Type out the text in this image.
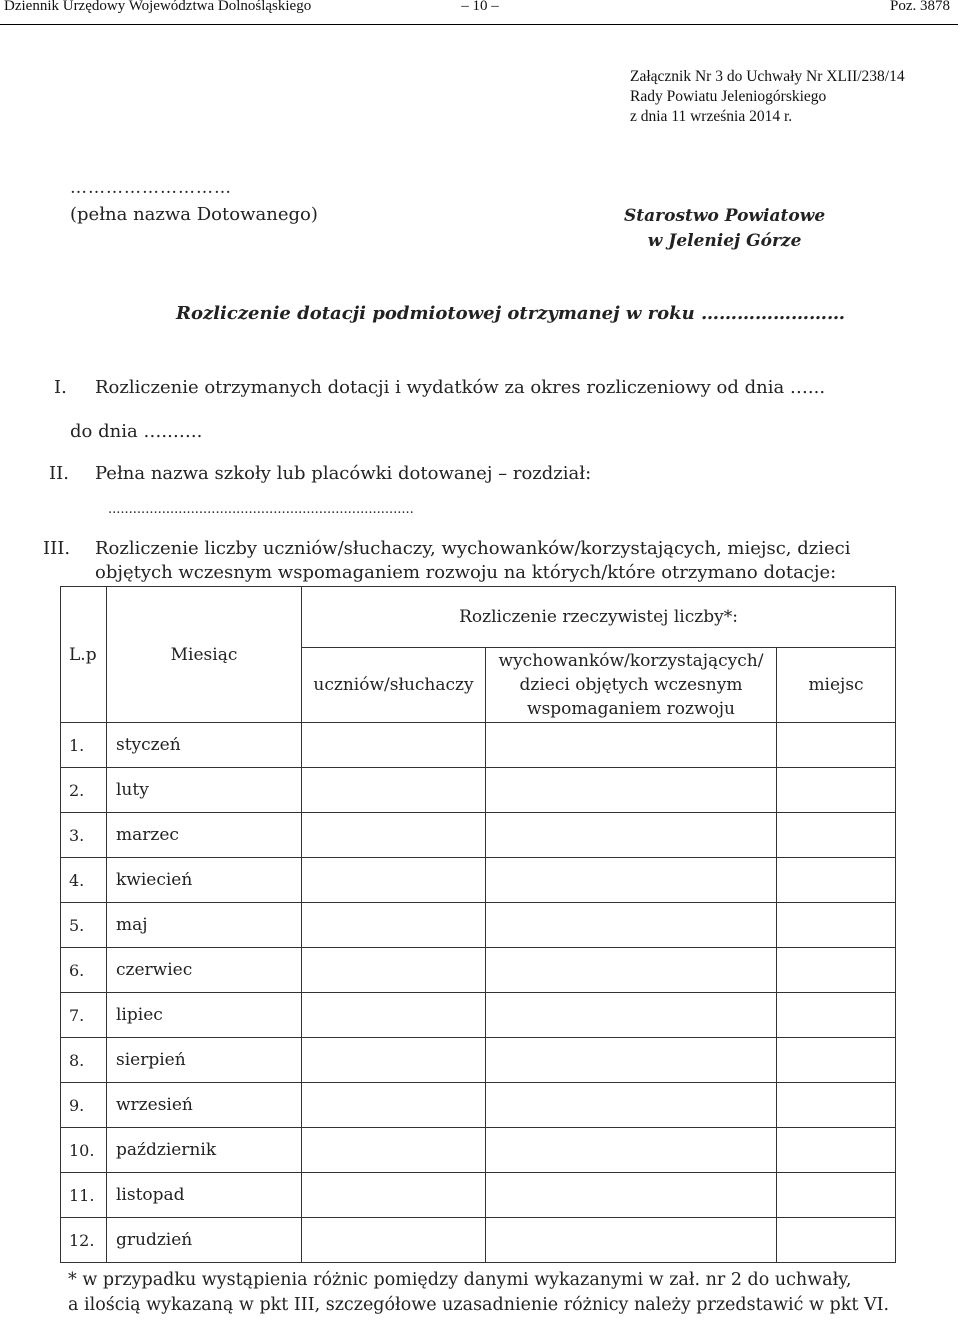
Dziennik Urzędowy Województwa Dolnośląskiego	– 10 –	Poz. 3878
Załącznik Nr 3 do Uchwały Nr XLII/238/14
Rady Powiatu Jeleniogórskiego
z dnia 11 września 2014 r.
………………………
(pełna nazwa Dotowanego)	Starostwo Powiatowe
w Jeleniej Górze
Rozliczenie dotacji podmiotowej otrzymanej w roku ……………………
I. Rozliczenie otrzymanych dotacji i wydatków za okres rozliczeniowy od dnia …...
do dnia …..…..
II. Pełna nazwa szkoły lub placówki dotowanej – rozdział:
..........................................................................
III. Rozliczenie liczby uczniów/słuchaczy, wychowanków/korzystających, miejsc, dzieci
objętych wczesnym wspomaganiem rozwoju na których/które otrzymano dotacje:
L.p	Miesiąc	Rozliczenie rzeczywistej liczby*:		
		uczniów/słuchaczy	wychowanków/korzystających/
dzieci objętych wczesnym
wspomaganiem rozwoju	miejsc
1.	styczeń			
2.	luty			
3.	marzec			
4.	kwiecień			
5.	maj			
6.	czerwiec			
7.	lipiec			
8.	sierpień			
9.	wrzesień			
10.	październik			
11.	listopad			
12.	grudzień			
* w przypadku wystąpienia różnic pomiędzy danymi wykazanymi w zał. nr 2 do uchwały,
a ilością wykazaną w pkt III, szczegółowe uzasadnienie różnicy należy przedstawić w pkt VI.
